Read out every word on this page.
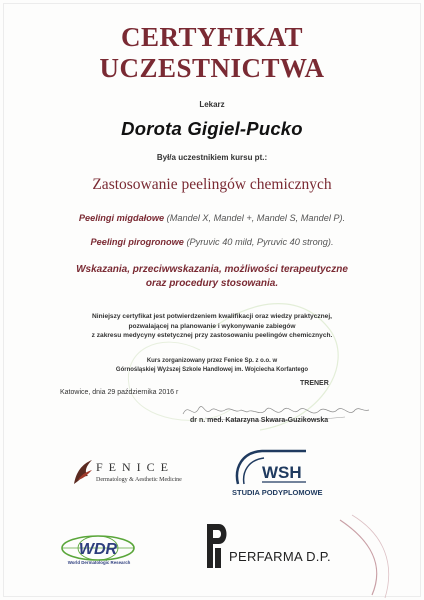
CERTYFIKAT
UCZESTNICTWA
Lekarz
Dorota Gigiel-Pucko
Był/a uczestnikiem kursu pt.:
Zastosowanie peelingów chemicznych
Peelingi migdałowe (Mandel X, Mandel +, Mandel S, Mandel P).
Peelingi pirogronowe (Pyruvic 40 mild, Pyruvic 40 strong).
Wskazania, przeciwwskazania, możliwości terapeutyczne
oraz procedury stosowania.
Niniejszy certyfikat jest potwierdzeniem kwalifikacji oraz wiedzy praktycznej,
pozwalającej na planowanie i wykonywanie zabiegów
z zakresu medycyny estetycznej przy zastosowaniu peelingów chemicznych.
Kurs zorganizowany przez Fenice Sp. z o.o. w
Górnośląskiej Wyższej Szkole Handlowej im. Wojciecha Korfantego
Katowice, dnia 29 października 2016 r
TRENER
dr n. med. Katarzyna Skwara-Guzikowska
FENICE
Dermatology & Aesthetic Medicine	WSH
STUDIA PODYPLOMOWE
WDR
World Dermatologic Research	PERFARMA D.P.
